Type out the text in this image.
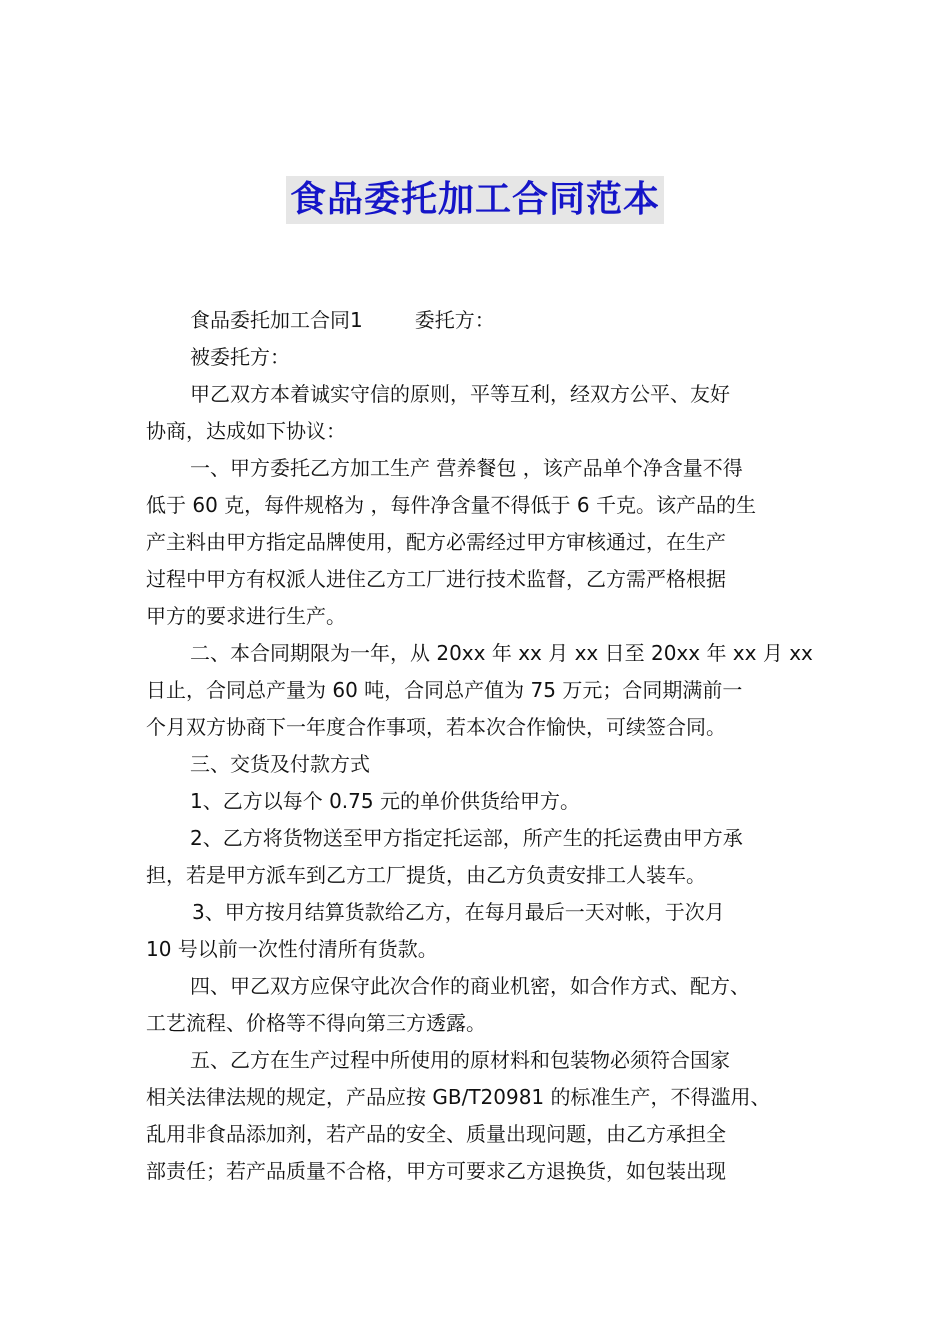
食品委托加工合同范本

食品委托加工合同1	委托方：

被委托方：

甲乙双方本着诚实守信的原则，平等互利，经双方公平、友好

协商，达成如下协议：

一、甲方委托乙方加工生产 营养餐包 ，该产品单个净含量不得

低于 60 克，每件规格为 ，每件净含量不得低于 6 千克。该产品的生

产主料由甲方指定品牌使用，配方必需经过甲方审核通过，在生产

过程中甲方有权派人进住乙方工厂进行技术监督，乙方需严格根据

甲方的要求进行生产。

二、本合同期限为一年，从 20xx 年 xx 月 xx 日至 20xx 年 xx 月 xx

日止，合同总产量为 60 吨，合同总产值为 75 万元；合同期满前一

个月双方协商下一年度合作事项，若本次合作愉快，可续签合同。

三、交货及付款方式

1、乙方以每个 0.75 元的单价供货给甲方。

2、乙方将货物送至甲方指定托运部，所产生的托运费由甲方承

担，若是甲方派车到乙方工厂提货，由乙方负责安排工人装车。

3、甲方按月结算货款给乙方，在每月最后一天对帐，于次月

10 号以前一次性付清所有货款。

四、甲乙双方应保守此次合作的商业机密，如合作方式、配方、

工艺流程、价格等不得向第三方透露。

五、乙方在生产过程中所使用的原材料和包装物必须符合国家

相关法律法规的规定，产品应按 GB/T20981 的标准生产，不得滥用、

乱用非食品添加剂，若产品的安全、质量出现问题，由乙方承担全

部责任；若产品质量不合格，甲方可要求乙方退换货，如包装出现
